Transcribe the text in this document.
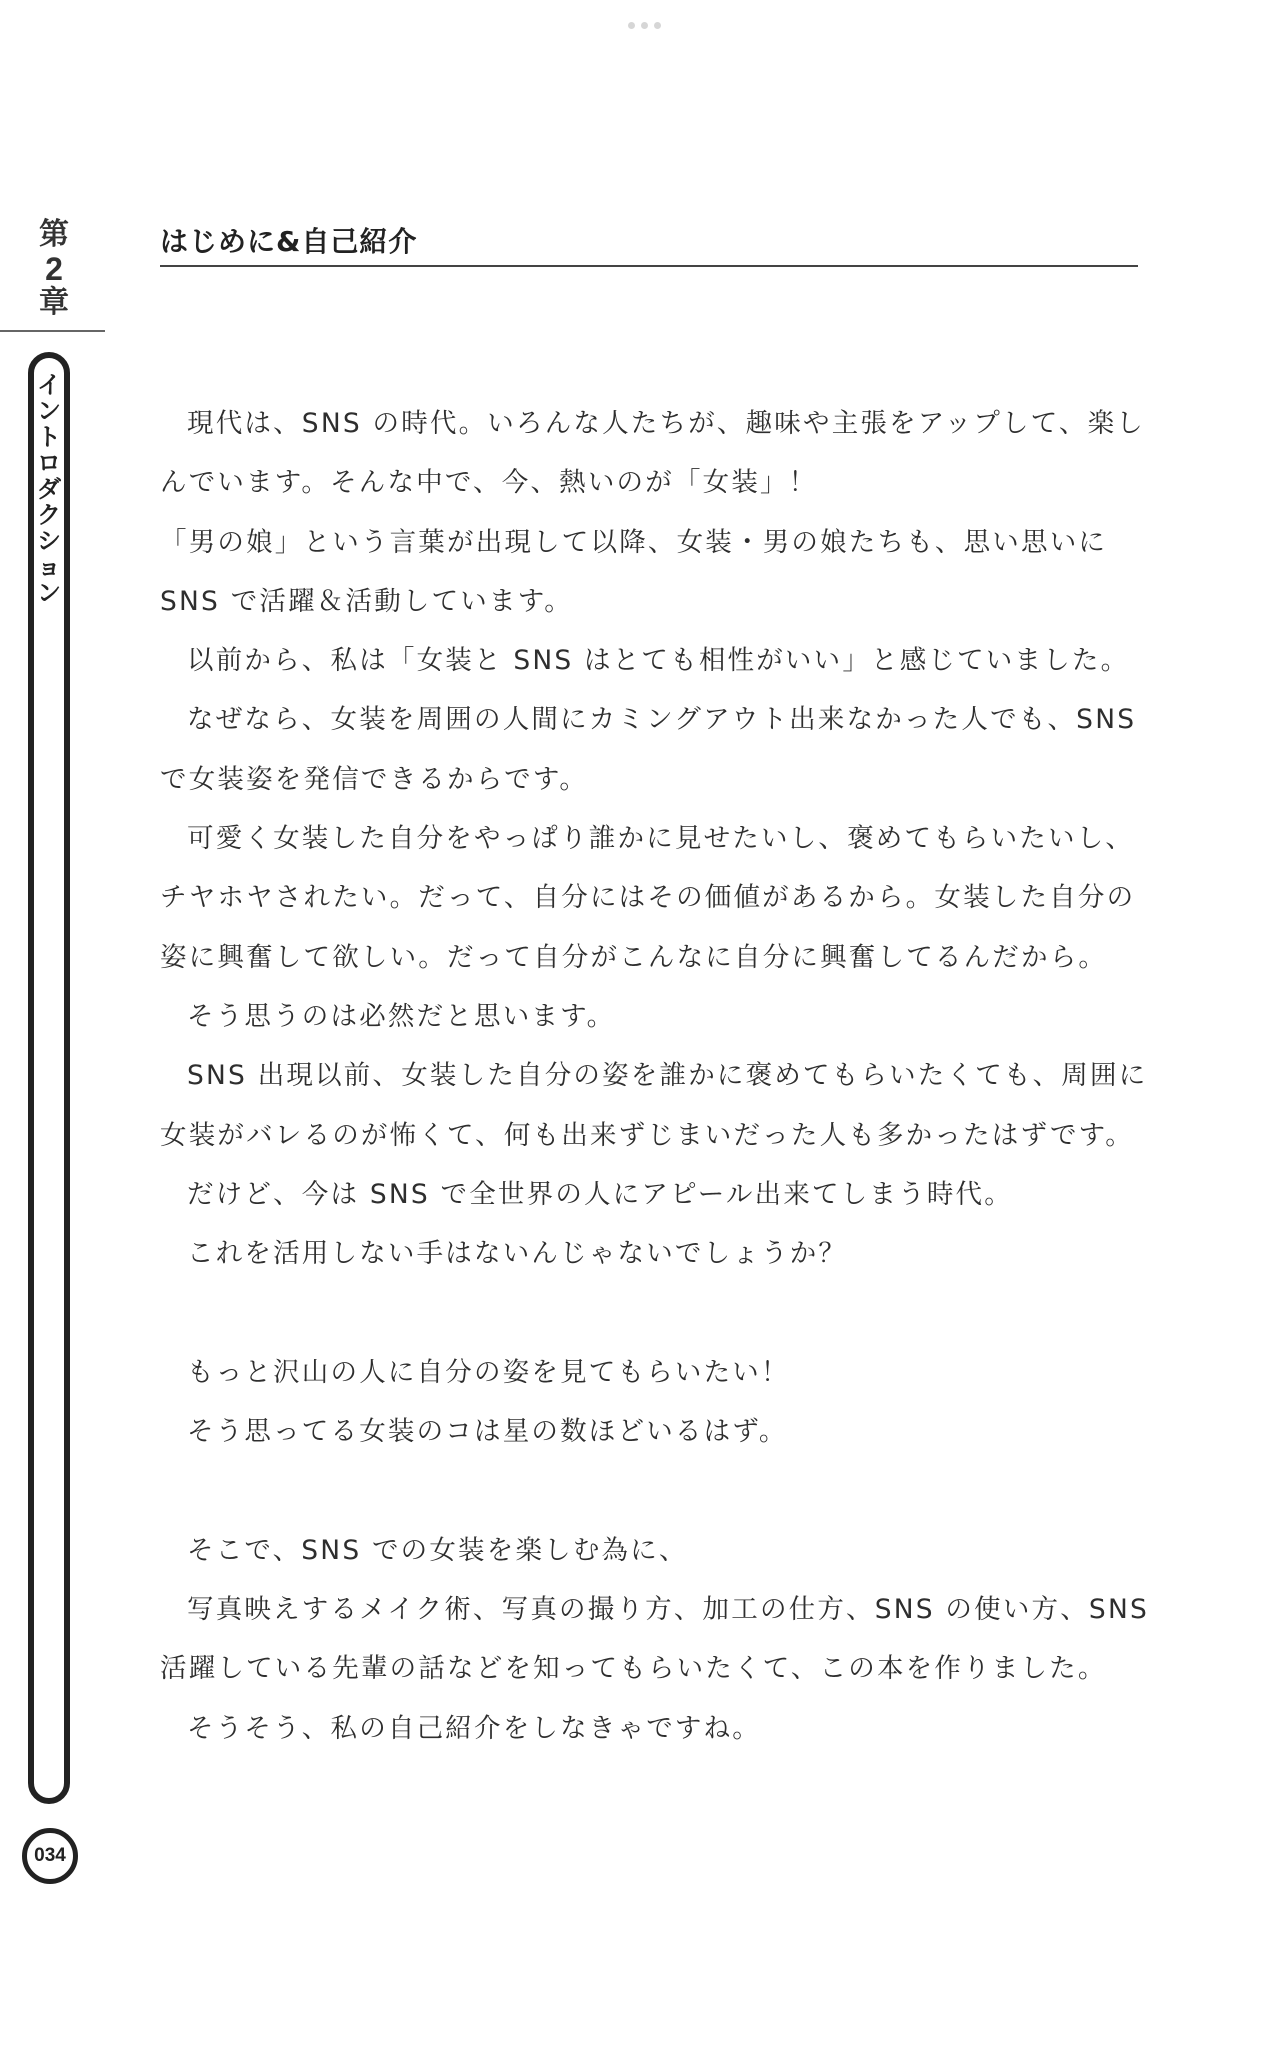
第
2
章
イ
ン
ト
ロ
ダ
ク
シ
ョ
ン
034
はじめに&自己紹介
現代は、SNS の時代。いろんな人たちが、趣味や主張をアップして、楽し
んでいます。そんな中で、今、熱いのが「女装」！
「男の娘」という言葉が出現して以降、女装・男の娘たちも、思い思いに
SNS で活躍＆活動しています。
以前から、私は「女装と SNS はとても相性がいい」と感じていました。
なぜなら、女装を周囲の人間にカミングアウト出来なかった人でも、SNS
で女装姿を発信できるからです。
可愛く女装した自分をやっぱり誰かに見せたいし、褒めてもらいたいし、
チヤホヤされたい。だって、自分にはその価値があるから。女装した自分の
姿に興奮して欲しい。だって自分がこんなに自分に興奮してるんだから。
そう思うのは必然だと思います。
SNS 出現以前、女装した自分の姿を誰かに褒めてもらいたくても、周囲に
女装がバレるのが怖くて、何も出来ずじまいだった人も多かったはずです。
だけど、今は SNS で全世界の人にアピール出来てしまう時代。
これを活用しない手はないんじゃないでしょうか？
もっと沢山の人に自分の姿を見てもらいたい！
そう思ってる女装のコは星の数ほどいるはず。
そこで、SNS での女装を楽しむ為に、
写真映えするメイク術、写真の撮り方、加工の仕方、SNS の使い方、SNS
活躍している先輩の話などを知ってもらいたくて、この本を作りました。
そうそう、私の自己紹介をしなきゃですね。
